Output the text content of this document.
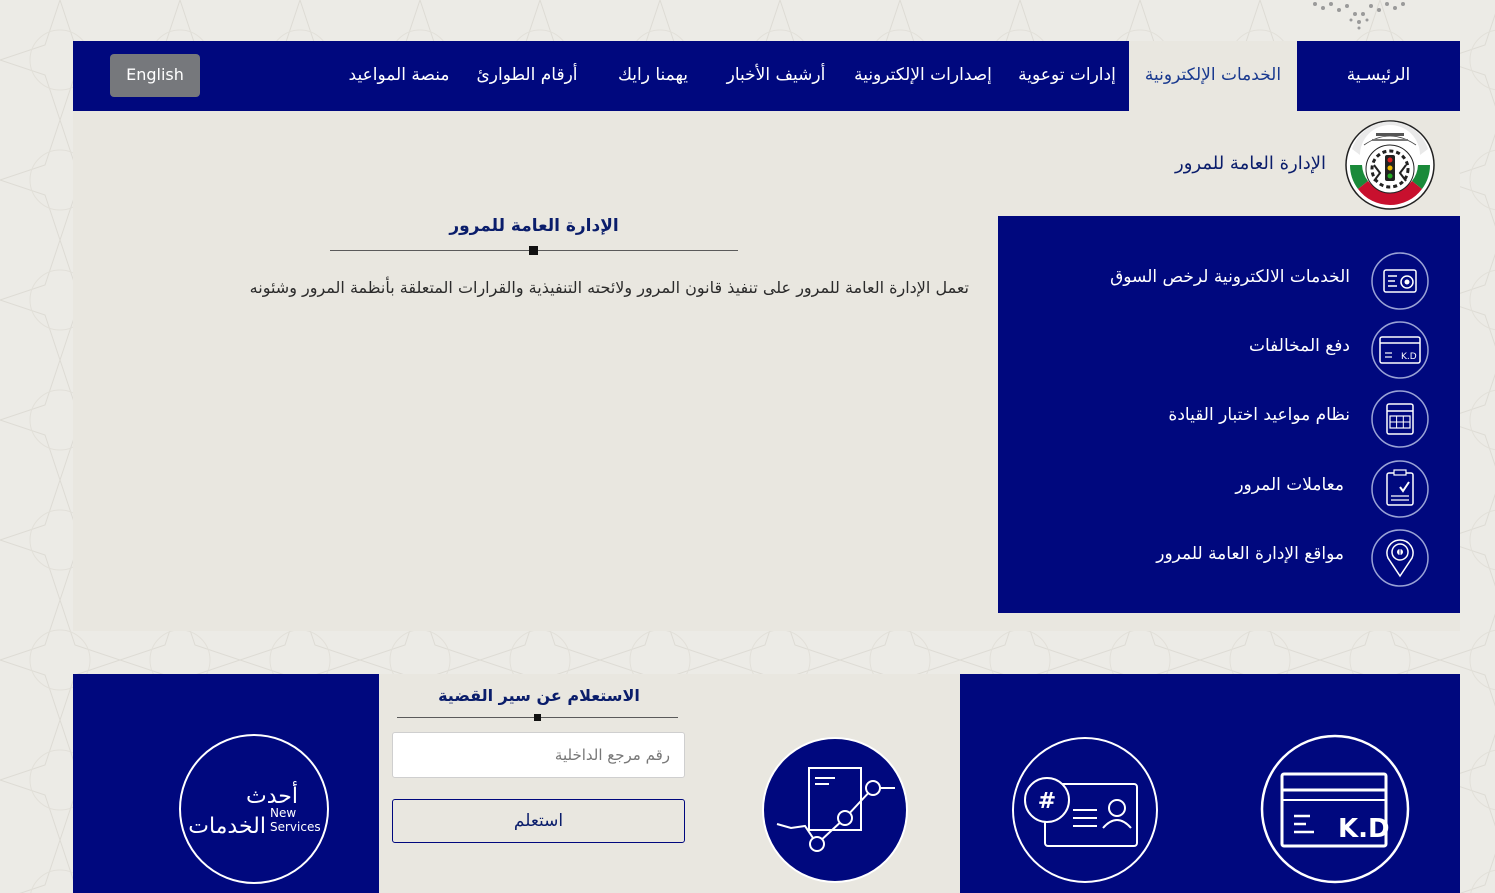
الرئيسـية
الخدمات الإلكترونية
إدارات توعوية
إصدارات الإلكترونية
أرشيف الأخبار
يهمنا رايك
أرقام الطوارئ
منصة المواعيد
English
الإدارة العامة للمرور
الإدارة العامة للمرور
تعمل الإدارة العامة للمرور على تنفيذ قانون المرور ولائحته التنفيذية والقرارات المتعلقة بأنظمة المرور وشئونه
الخدمات الالكترونية لرخص السوق
دفع المخالفات
K.D
نظام مواعيد اختبار القيادة
معاملات المرور
مواقع الإدارة العامة للمرور
أحدث
الخدمات
New
Services
الاستعلام عن سير القضية
رقم مرجع الداخلية
استعلم
#
K.D
